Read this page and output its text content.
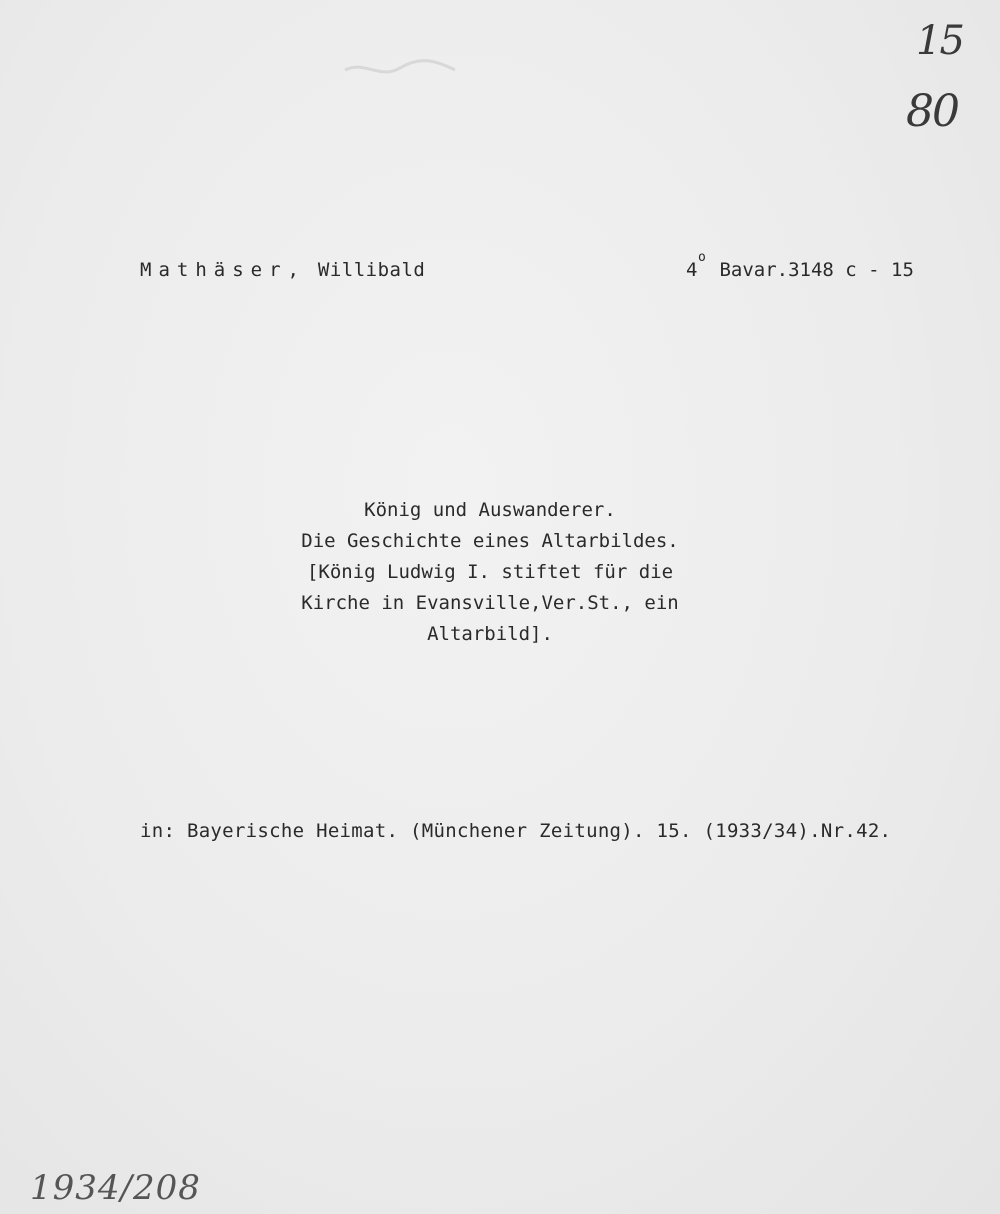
15
80
Mathäser, Willibald	4
o
Bavar.3148 c - 15
König und Auswanderer.
Die Geschichte eines Altarbildes.
[König Ludwig I. stiftet für die
Kirche in Evansville,Ver.St., ein
Altarbild].
in: Bayerische Heimat. (Münchener Zeitung). 15. (1933/34).Nr.42.
1934/208
